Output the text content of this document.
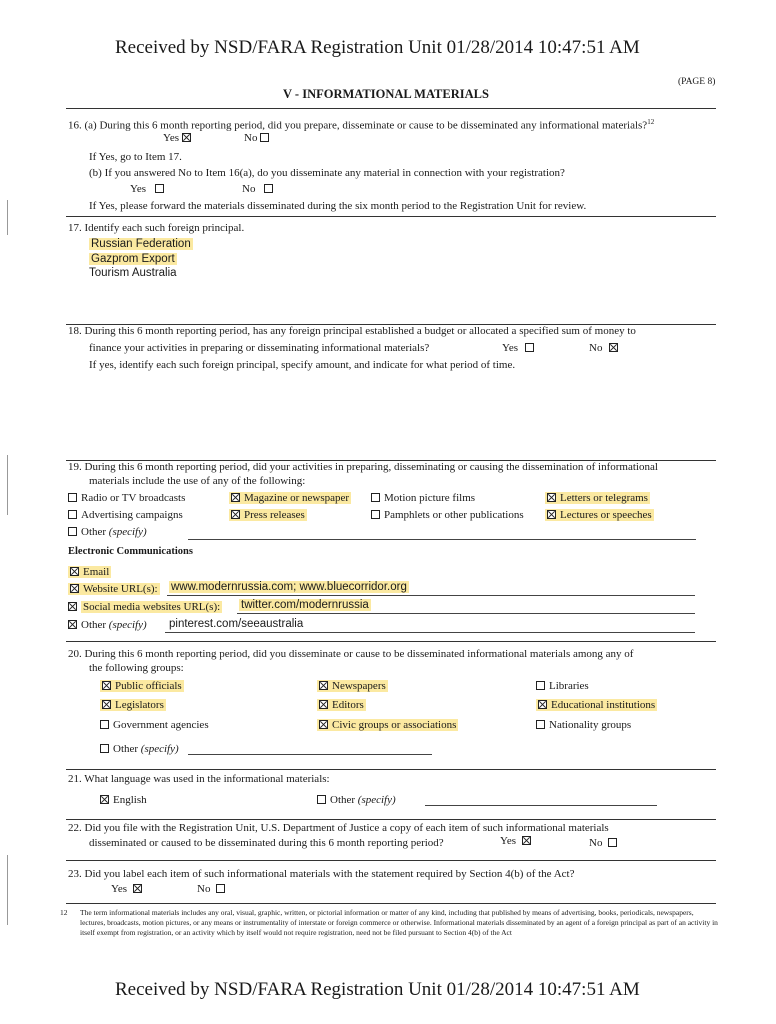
Received by NSD/FARA Registration Unit 01/28/2014 10:47:51 AM
(PAGE 8)
V - INFORMATIONAL MATERIALS
16. (a) During this 6 month reporting period, did you prepare, disseminate or cause to be disseminated any informational materials?$^{12}$
Yes	No
If Yes, go to Item 17.
(b) If you answered No to Item 16(a), do you disseminate any material in connection with your registration?
Yes	No
If Yes, please forward the materials disseminated during the six month period to the Registration Unit for review.
17. Identify each such foreign principal.
Russian Federation
Gazprom Export
Tourism Australia
18. During this 6 month reporting period, has any foreign principal established a budget or allocated a specified sum of money to
finance your activities in preparing or disseminating informational materials?	Yes	No
If yes, identify each such foreign principal, specify amount, and indicate for what period of time.
19. During this 6 month reporting period, did your activities in preparing, disseminating or causing the dissemination of informational
materials include the use of any of the following:
Radio or TV broadcasts	Magazine or newspaper	Motion picture films	Letters or telegrams
Advertising campaigns	Press releases	Pamphlets or other publications	Lectures or speeches
Other (specify)
Electronic Communications
Email
Website URL(s): www.modernrussia.com; www.bluecorridor.org
Social media websites URL(s): twitter.com/modernrussia
Other (specify) pinterest.com/seeaustralia
20. During this 6 month reporting period, did you disseminate or cause to be disseminated informational materials among any of
the following groups:
Public officials	Newspapers	Libraries
Legislators	Editors	Educational institutions
Government agencies	Civic groups or associations	Nationality groups
Other (specify)
21. What language was used in the informational materials:
English	Other (specify)
22. Did you file with the Registration Unit, U.S. Department of Justice a copy of each item of such informational materials
disseminated or caused to be disseminated during this 6 month reporting period?	Yes	No
23. Did you label each item of such informational materials with the statement required by Section 4(b) of the Act?
Yes	No
12	The term informational materials includes any oral, visual, graphic, written, or pictorial information or matter of any kind, including that published by means of advertising, books, periodicals, newspapers, lectures, broadcasts, motion pictures, or any means or instrumentality of interstate or foreign commerce or otherwise. Informational materials disseminated by an agent of a foreign principal as part of an activity in itself exempt from registration, or an activity which by itself would not require registration, need not be filed pursuant to Section 4(b) of the Act
Received by NSD/FARA Registration Unit 01/28/2014 10:47:51 AM
